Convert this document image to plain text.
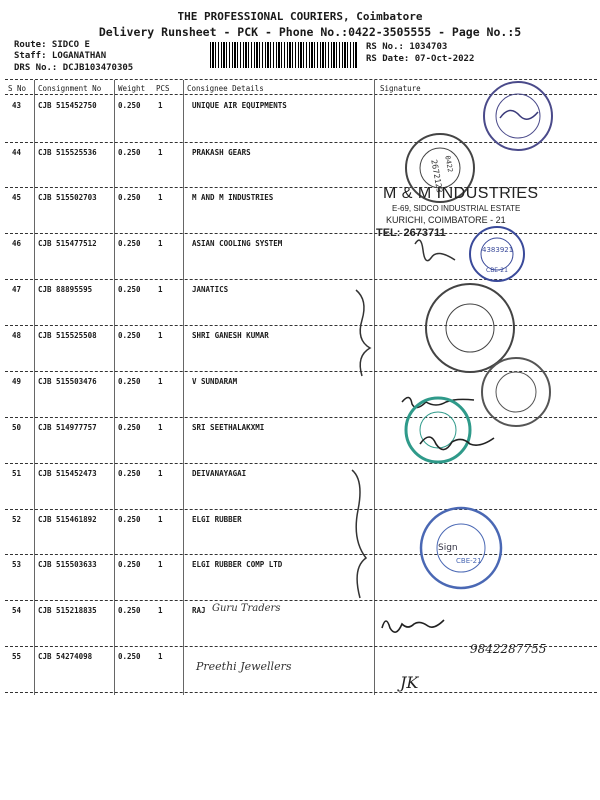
THE PROFESSIONAL COURIERS, Coimbatore
Delivery Runsheet - PCK - Phone No.:0422-3505555 - Page No.:5
Route: SIDCO E
Staff: LOGANATHAN
DRS No.: DCJB103470305
RS No.: 1034703
RS Date: 07-Oct-2022
S No Consignment No Weight PCS Consignee Details	Signature
43 CJB 515452750	0.250 1	UNIQUE AIR EQUIPMENTS
44 CJB 515525536	0.250 1	PRAKASH GEARS
45 CJB 515502703	0.250 1	M AND M INDUSTRIES
46 CJB 515477512	0.250 1	ASIAN COOLING SYSTEM
47 CJB 88895595	0.250 1	JANATICS
48 CJB 515525508	0.250 1	SHRI GANESH KUMAR
49 CJB 515503476	0.250 1	V SUNDARAM
50 CJB 514977757	0.250 1	SRI SEETHALAKXMI
51 CJB 515452473	0.250 1	DEIVANAYAGAI
52 CJB 515461892	0.250 1	ELGI RUBBER
53 CJB 515503633	0.250 1	ELGI RUBBER COMP LTD
54 CJB 515218835	0.250 1	RAJ Guru Traders
55 CJB 54274098	0.250 1
Preethi Jewellers
2672123 0422
M & M INDUSTRIES
E-69, SIDCO INDUSTRIAL ESTATE
KURICHI, COIMBATORE - 21
TEL: 2673711
4383921
CBE-21
Sign
CBE-21
9842287755
JK
